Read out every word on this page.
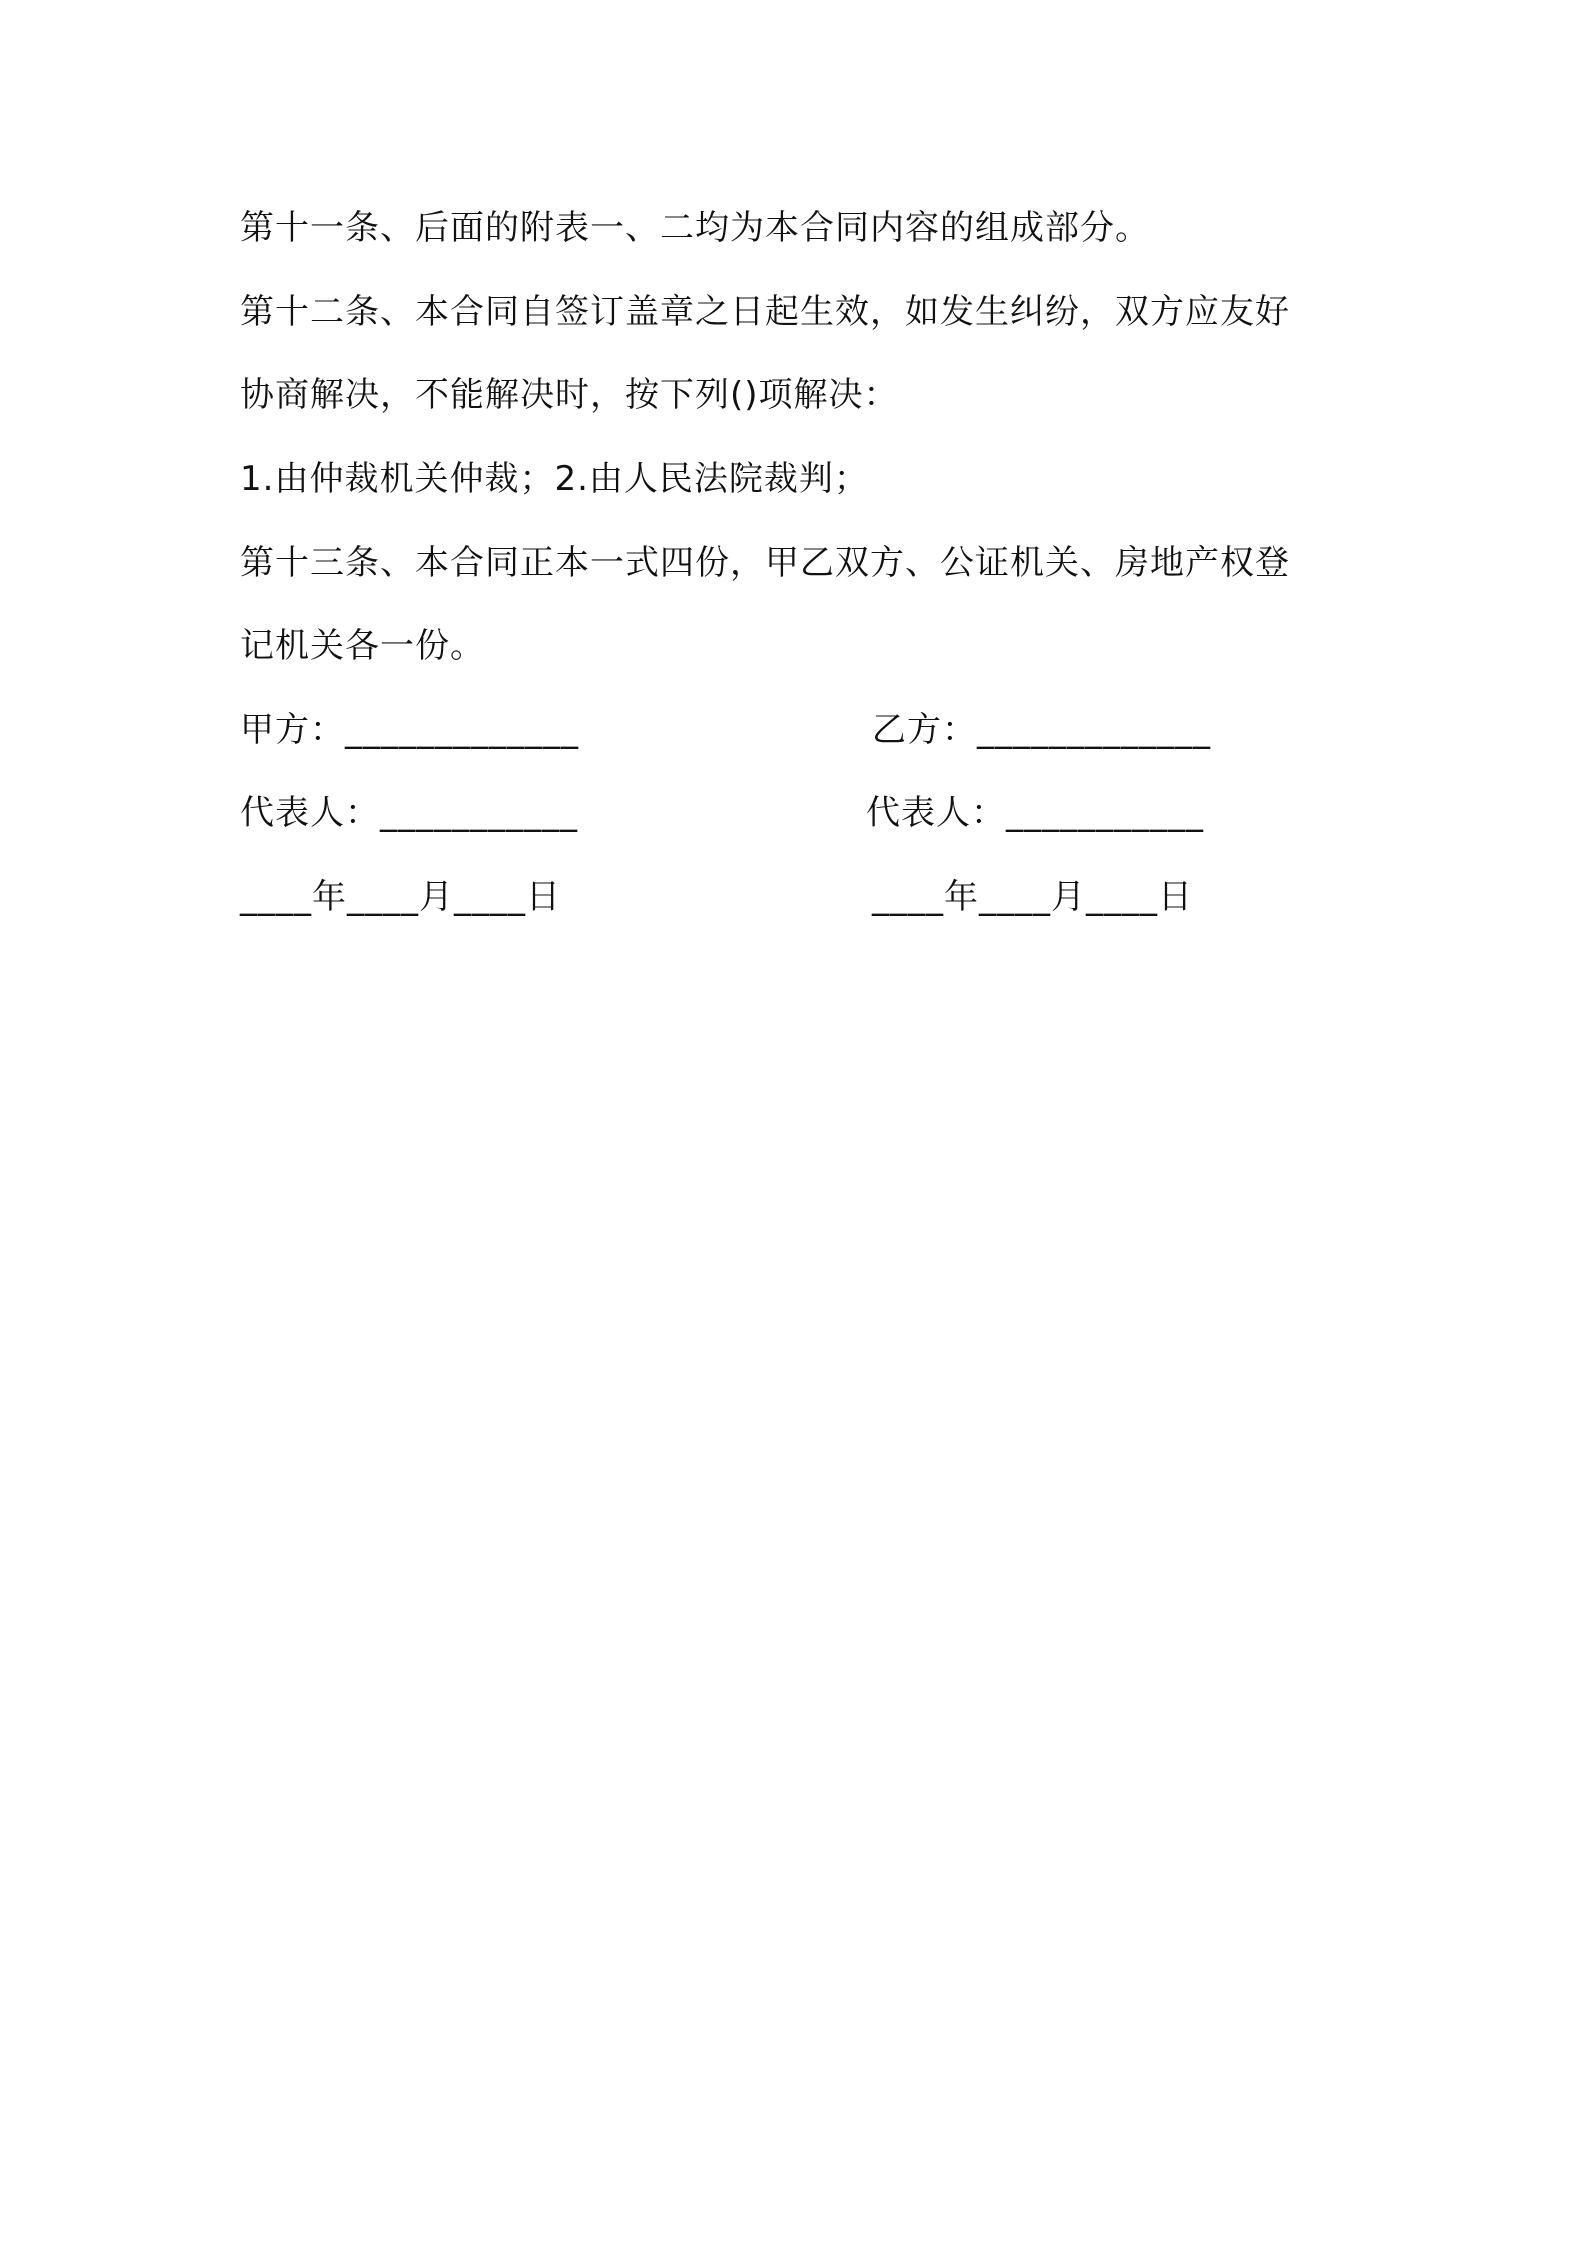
第十一条、后面的附表一、二均为本合同内容的组成部分。
第十二条、本合同自签订盖章之日起生效，如发生纠纷，双方应友好
协商解决，不能解决时，按下列()项解决：
1.由仲裁机关仲裁；2.由人民法院裁判；
第十三条、本合同正本一式四份，甲乙双方、公证机关、房地产权登
记机关各一份。
甲方：_____________	乙方：_____________
代表人：___________	代表人：___________
____年____月____日	____年____月____日
